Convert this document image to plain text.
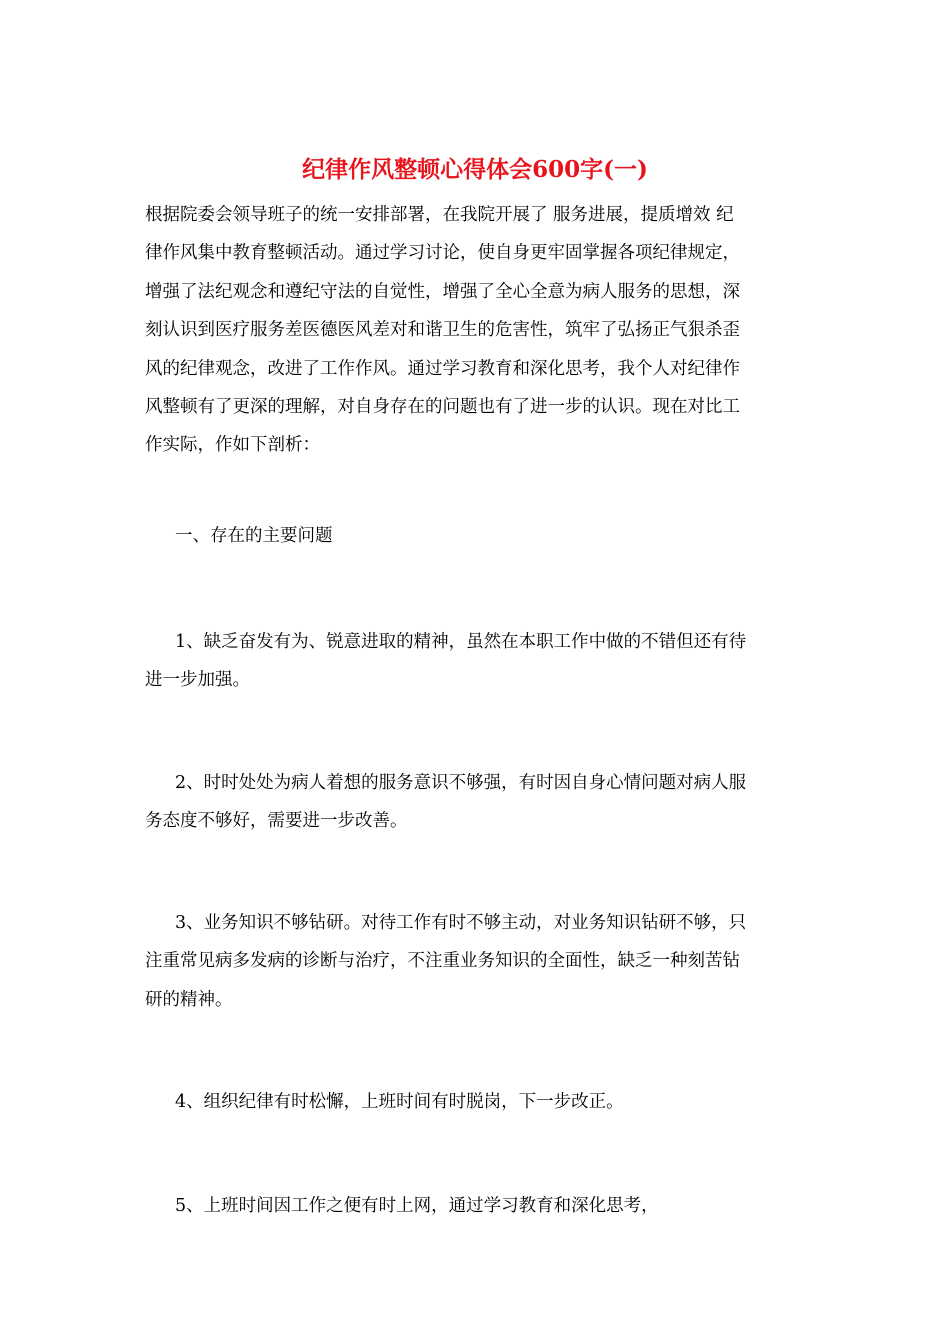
纪律作风整顿心得体会600字(一)
根据院委会领导班子的统一安排部署，在我院开展了 服务进展，提质增效 纪
律作风集中教育整顿活动。通过学习讨论，使自身更牢固掌握各项纪律规定，
增强了法纪观念和遵纪守法的自觉性，增强了全心全意为病人服务的思想，深
刻认识到医疗服务差医德医风差对和谐卫生的危害性，筑牢了弘扬正气狠杀歪
风的纪律观念，改进了工作作风。通过学习教育和深化思考，我个人对纪律作
风整顿有了更深的理解，对自身存在的问题也有了进一步的认识。现在对比工
作实际，作如下剖析：
一、存在的主要问题
1、缺乏奋发有为、锐意进取的精神，虽然在本职工作中做的不错但还有待
进一步加强。
2、时时处处为病人着想的服务意识不够强，有时因自身心情问题对病人服
务态度不够好，需要进一步改善。
3、业务知识不够钻研。对待工作有时不够主动，对业务知识钻研不够，只
注重常见病多发病的诊断与治疗，不注重业务知识的全面性，缺乏一种刻苦钻
研的精神。
4、组织纪律有时松懈，上班时间有时脱岗，下一步改正。
5、上班时间因工作之便有时上网，通过学习教育和深化思考，
